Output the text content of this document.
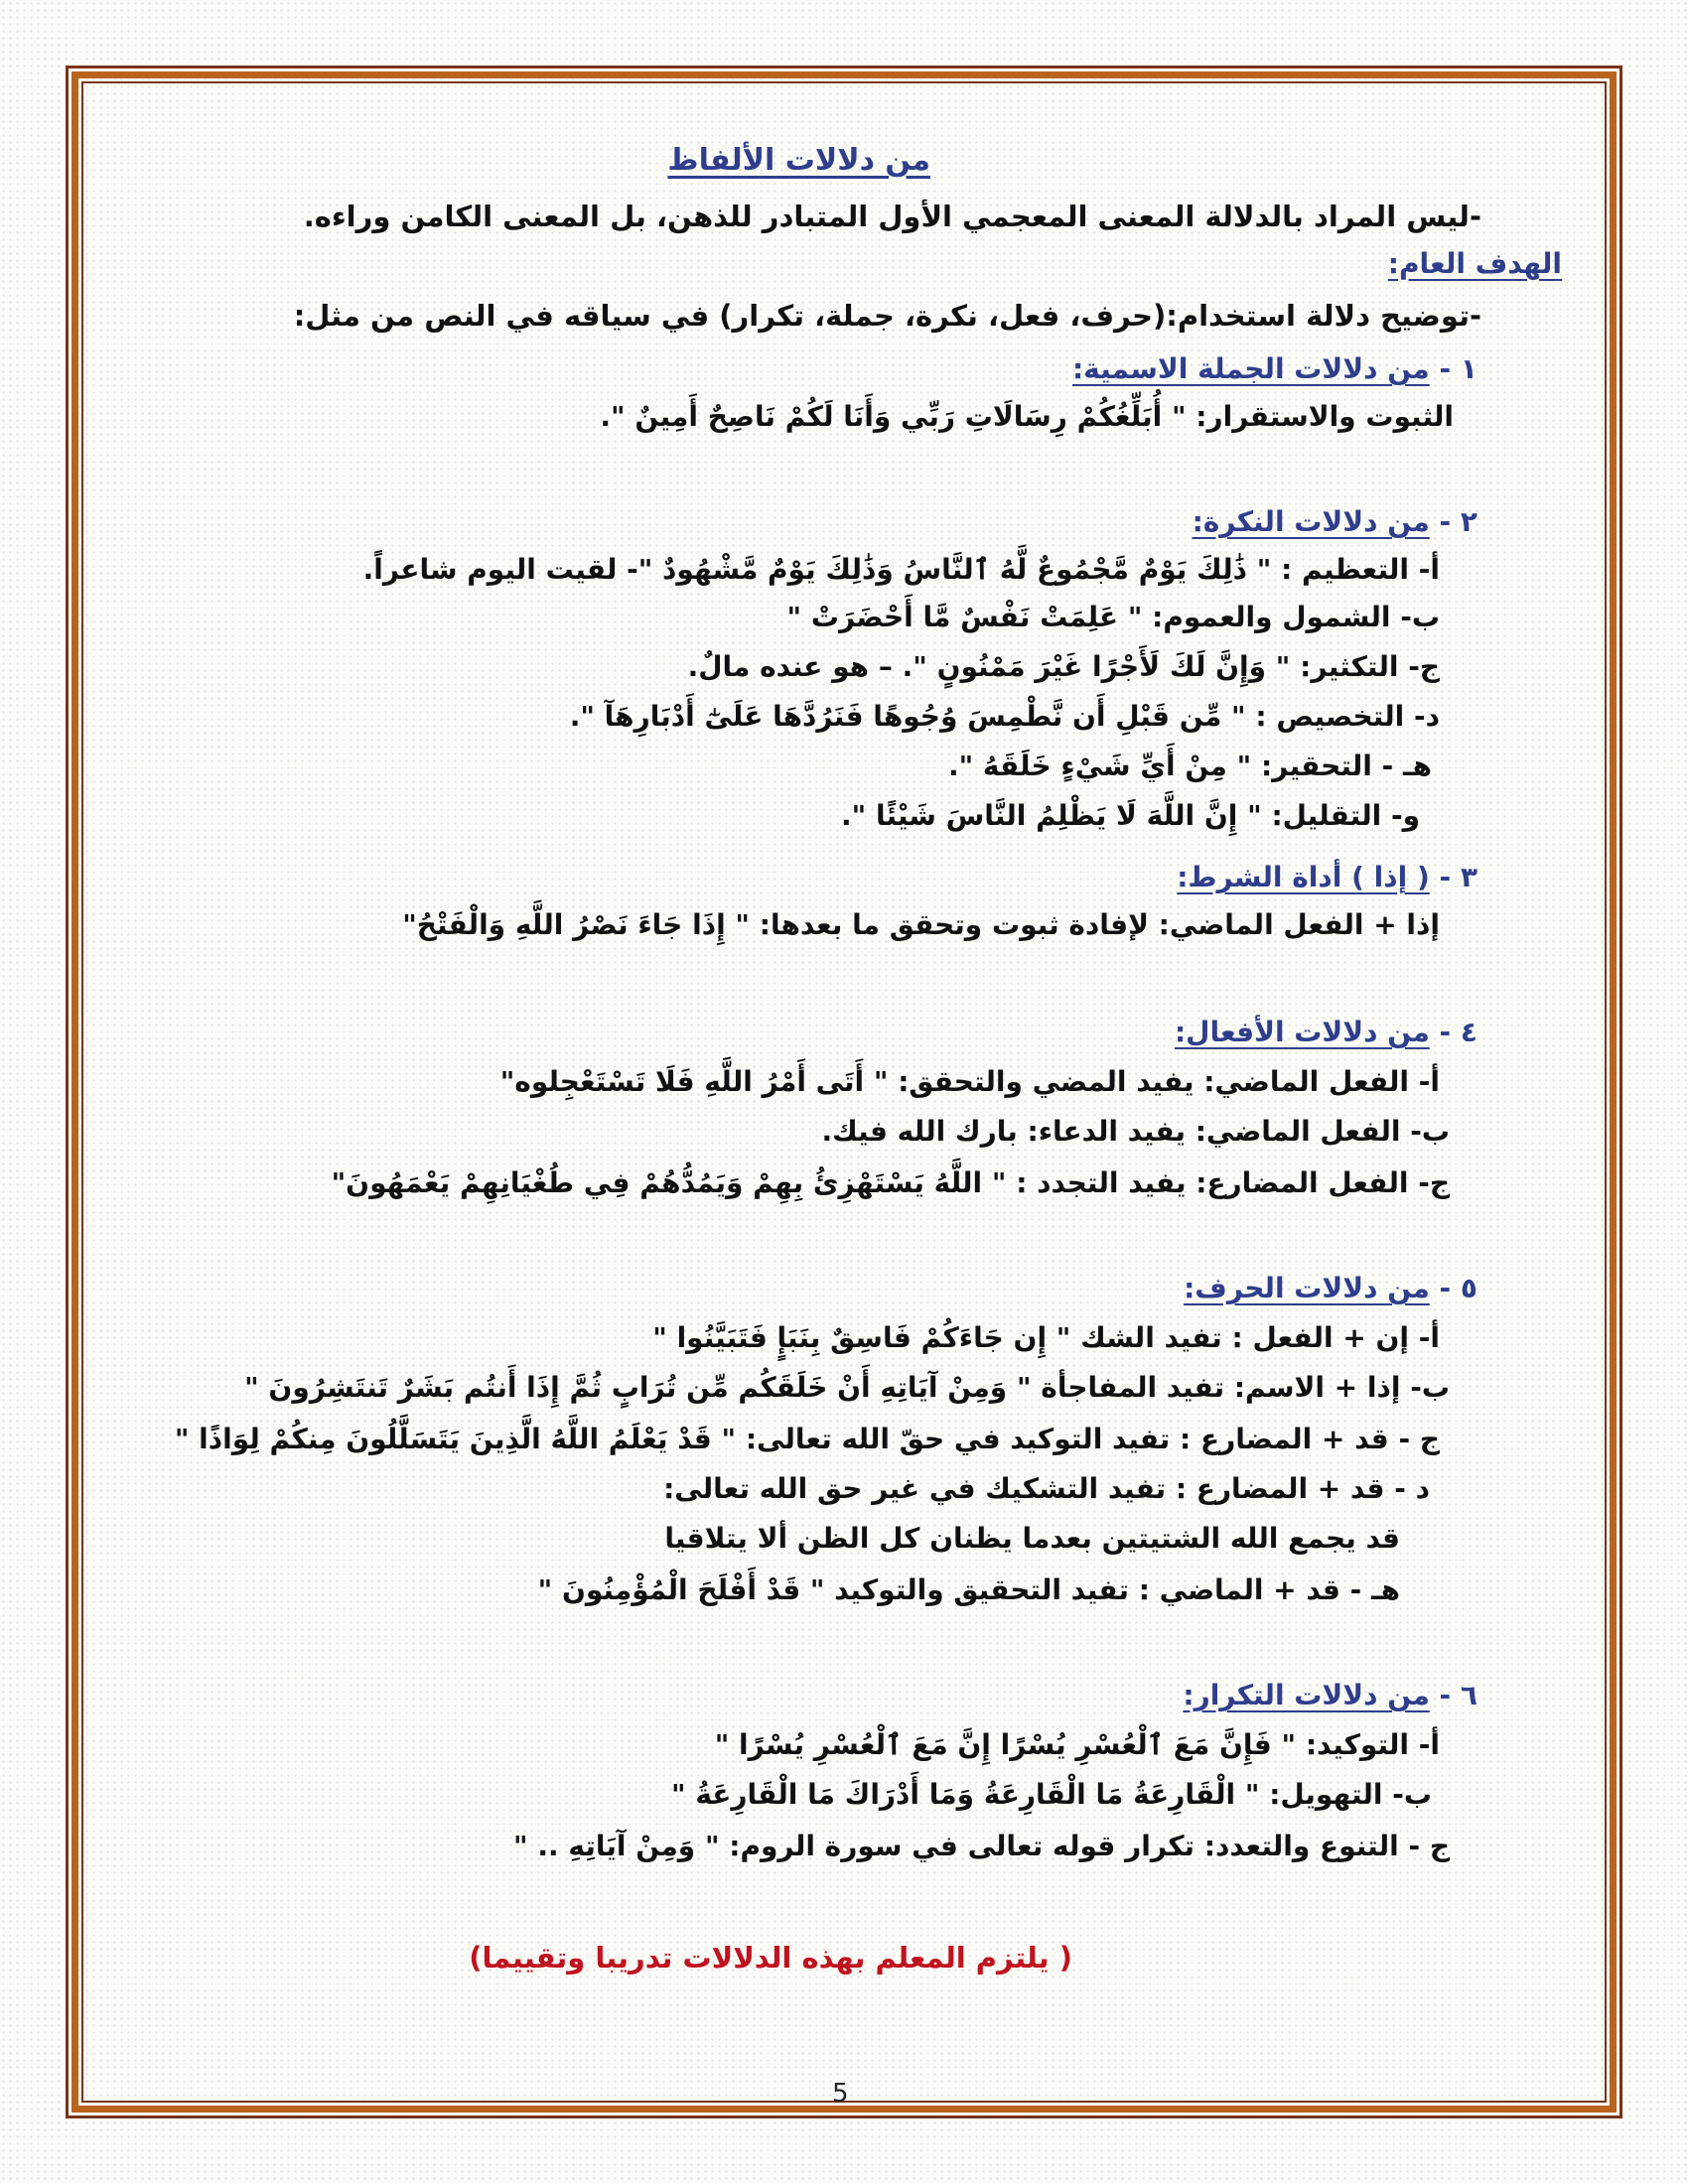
من دلالات الألفاظ
-ليس المراد بالدلالة المعنى المعجمي الأول المتبادر للذهن، بل المعنى الكامن وراءه.
الهدف العام:
-توضيح دلالة استخدام:(حرف، فعل، نكرة، جملة، تكرار) في سياقه في النص من مثل:
١ - من دلالات الجملة الاسمية:
الثبوت والاستقرار: " أُبَلِّغُكُمْ رِسَالَاتِ رَبِّي وَأَنَا لَكُمْ نَاصِحٌ أَمِينٌ ".
٢ - من دلالات النكرة:
أ- التعظيم : " ذَٰلِكَ يَوْمٌ مَّجْمُوعٌ لَّهُ ٱلنَّاسُ وَذَٰلِكَ يَوْمٌ مَّشْهُودٌ "- لقيت اليوم شاعراً.
ب- الشمول والعموم: " عَلِمَتْ نَفْسٌ مَّا أَحْضَرَتْ "
ج- التكثير: " وَإِنَّ لَكَ لَأَجْرًا غَيْرَ مَمْنُونٍ ". – هو عنده مالٌ.
د- التخصيص : " مِّن قَبْلِ أَن نَّطْمِسَ وُجُوهًا فَنَرُدَّهَا عَلَىٰٓ أَدْبَارِهَآ ".
هـ - التحقير: " مِنْ أَيِّ شَيْءٍ خَلَقَهُ ".
و- التقليل: " إِنَّ اللَّهَ لَا يَظْلِمُ النَّاسَ شَيْئًا ".
٣ - ( إذا ) أداة الشرط:
إذا + الفعل الماضي: لإفادة ثبوت وتحقق ما بعدها: " إِذَا جَاءَ نَصْرُ اللَّهِ وَالْفَتْحُ"
٤ - من دلالات الأفعال:
أ- الفعل الماضي: يفيد المضي والتحقق: " أَتَى أَمْرُ اللَّهِ فَلَا تَسْتَعْجِلوه"
ب- الفعل الماضي: يفيد الدعاء: بارك الله فيك.
ج- الفعل المضارع: يفيد التجدد : " اللَّهُ يَسْتَهْزِئُ بِهِمْ وَيَمُدُّهُمْ فِي طُغْيَانِهِمْ يَعْمَهُونَ"
٥ - من دلالات الحرف:
أ- إن + الفعل : تفيد الشك " إِن جَاءَكُمْ فَاسِقٌ بِنَبَإٍ فَتَبَيَّنُوا "
ب- إذا + الاسم: تفيد المفاجأة " وَمِنْ آيَاتِهِ أَنْ خَلَقَكُم مِّن تُرَابٍ ثُمَّ إِذَا أَنتُم بَشَرٌ تَنتَشِرُونَ "
ج - قد + المضارع : تفيد التوكيد في حقّ الله تعالى: " قَدْ يَعْلَمُ اللَّهُ الَّذِينَ يَتَسَلَّلُونَ مِنكُمْ لِوَاذًا "
د - قد + المضارع : تفيد التشكيك في غير حق الله تعالى:
قد يجمع الله الشتيتين بعدما يظنان كل الظن ألا يتلاقيا
هـ - قد + الماضي : تفيد التحقيق والتوكيد " قَدْ أَفْلَحَ الْمُؤْمِنُونَ "
٦ - من دلالات التكرار:
أ- التوكيد: " فَإِنَّ مَعَ ٱلْعُسْرِ يُسْرًا إِنَّ مَعَ ٱلْعُسْرِ يُسْرًا "
ب- التهويل: " الْقَارِعَةُ مَا الْقَارِعَةُ وَمَا أَدْرَاكَ مَا الْقَارِعَةُ "
ج - التنوع والتعدد: تكرار قوله تعالى في سورة الروم: " وَمِنْ آيَاتِهِ .. "
( يلتزم المعلم بهذه الدلالات تدريبا وتقييما)
5
